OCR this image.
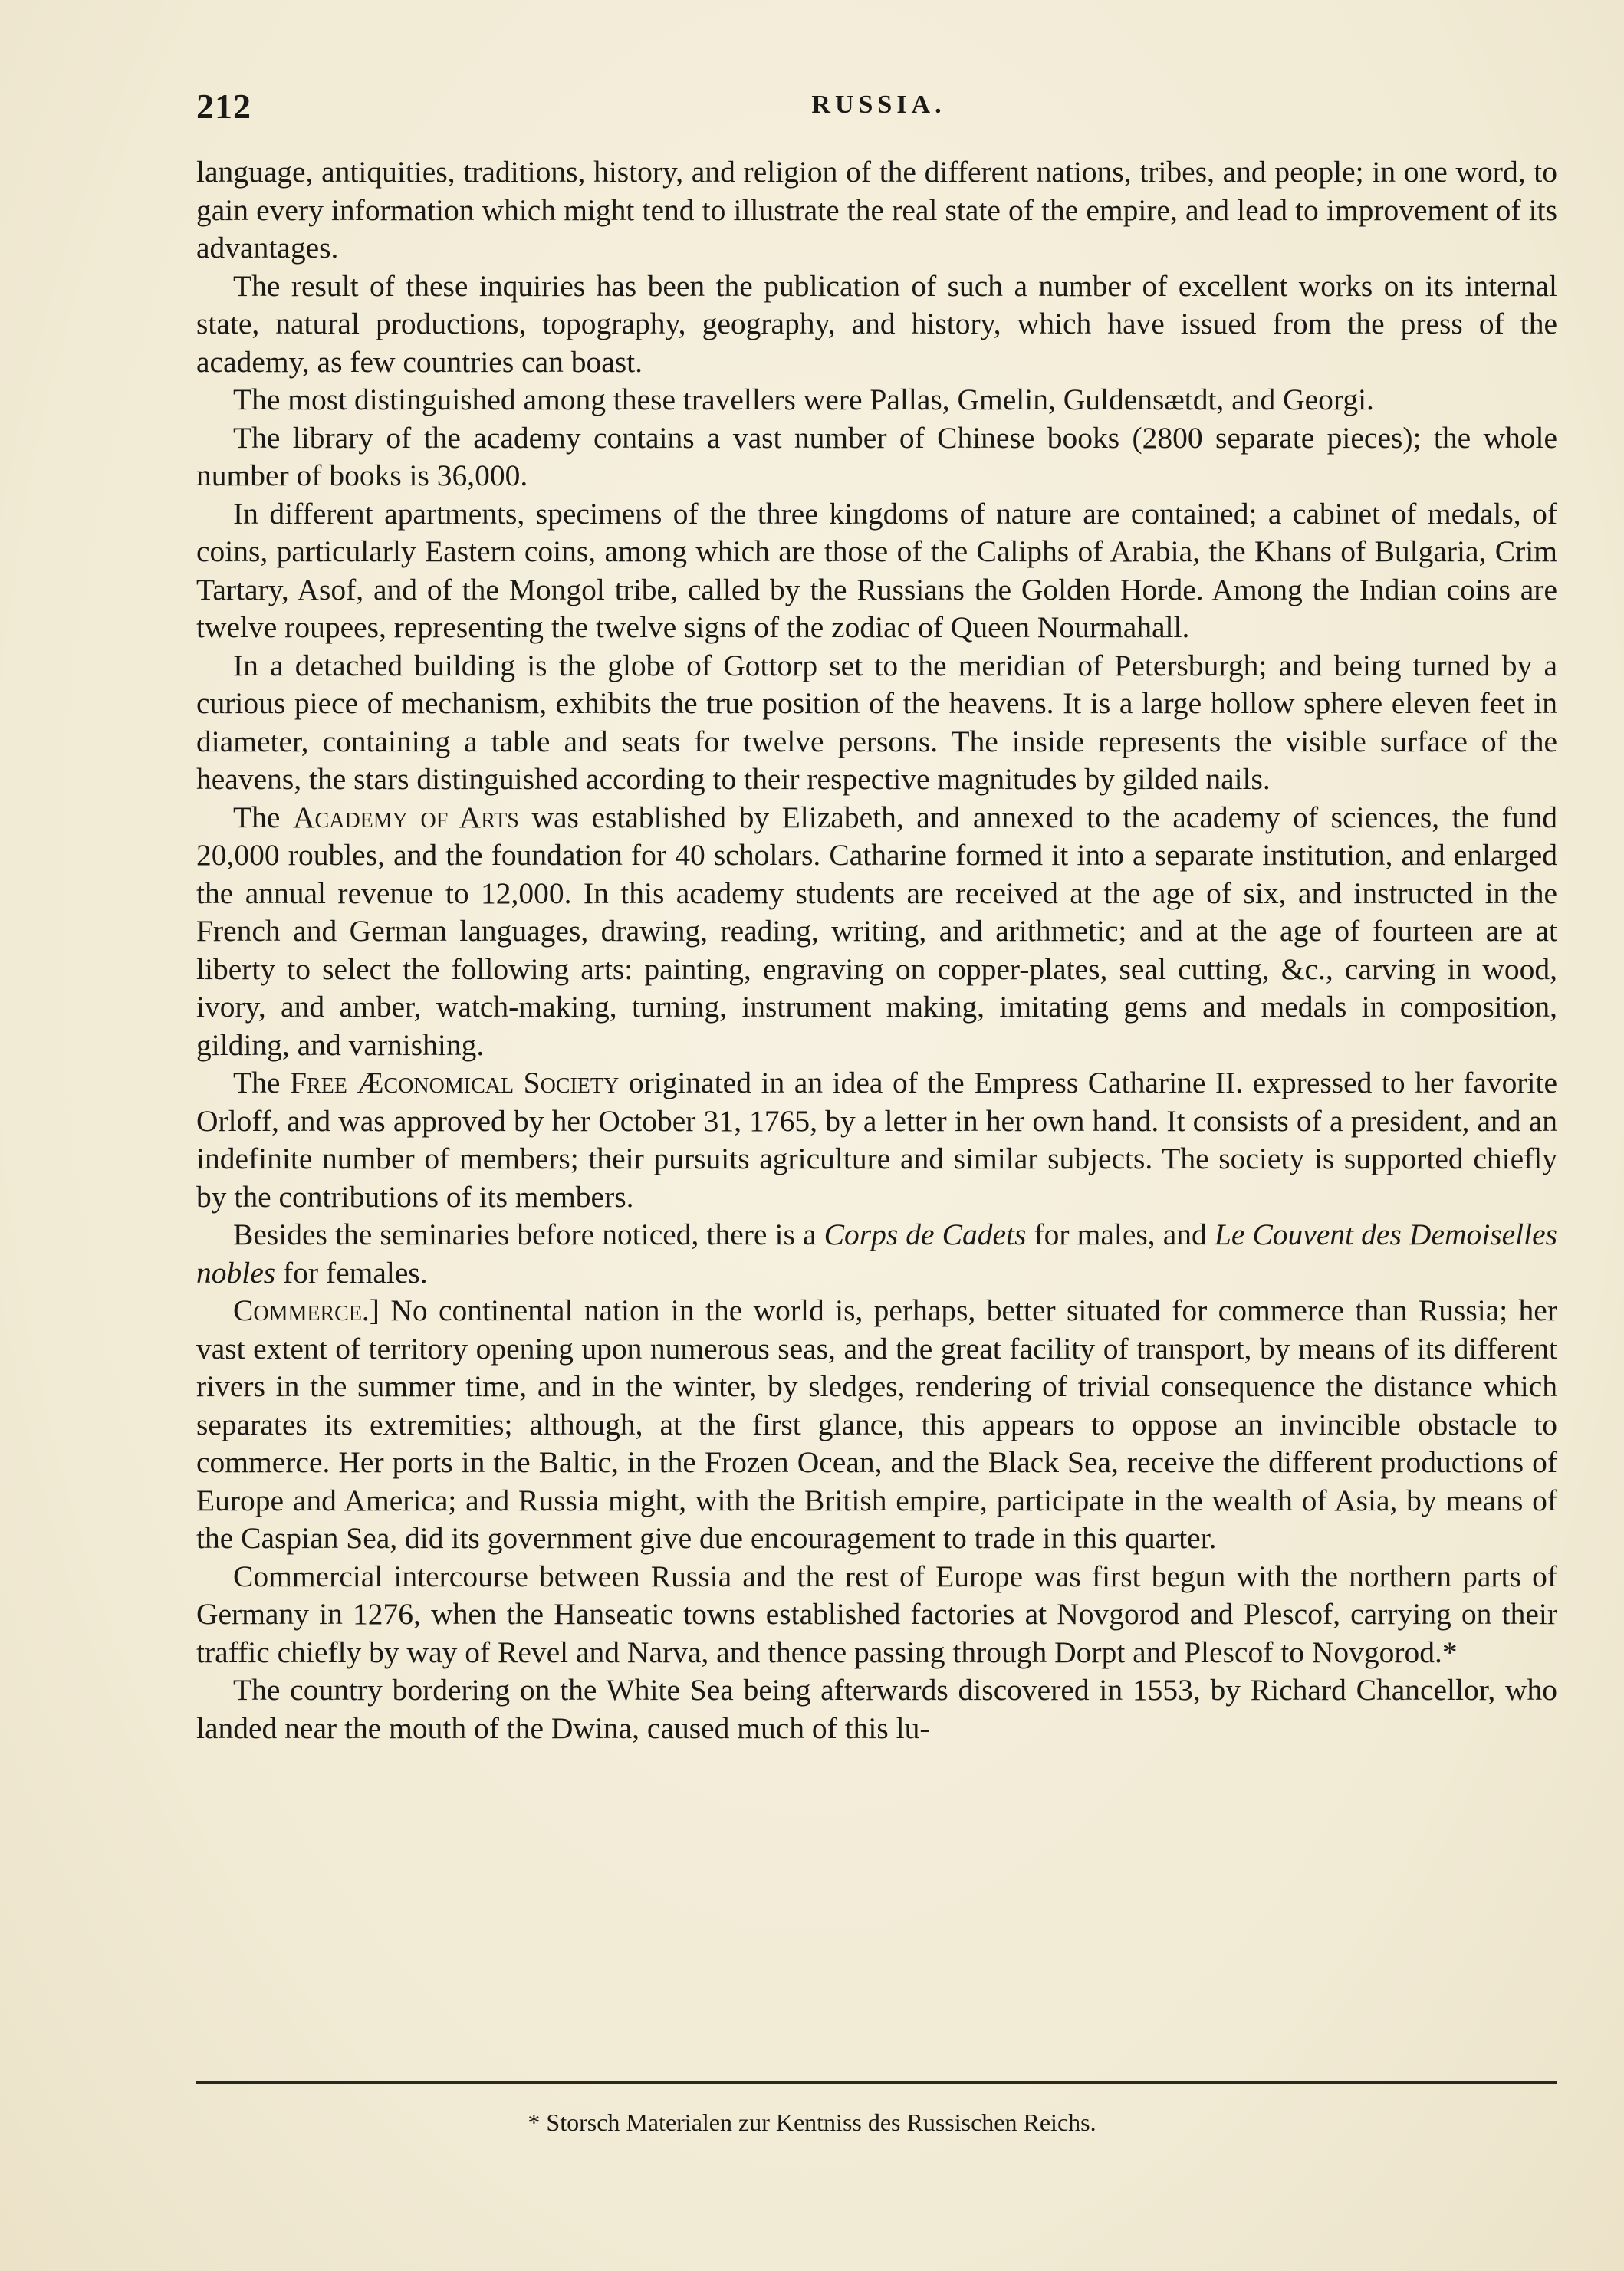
212	RUSSIA.

language, antiquities, traditions, history, and religion of the different nations, tribes, and people; in one word, to gain every information which might tend to illustrate the real state of the empire, and lead to improvement of its advantages.

The result of these inquiries has been the publication of such a number of excellent works on its internal state, natural productions, topography, geography, and history, which have issued from the press of the academy, as few countries can boast.

The most distinguished among these travellers were Pallas, Gmelin, Guldensætdt, and Georgi.

The library of the academy contains a vast number of Chinese books (2800 separate pieces); the whole number of books is 36,000.

In different apartments, specimens of the three kingdoms of nature are contained; a cabinet of medals, of coins, particularly Eastern coins, among which are those of the Caliphs of Arabia, the Khans of Bulgaria, Crim Tartary, Asof, and of the Mongol tribe, called by the Russians the Golden Horde. Among the Indian coins are twelve roupees, representing the twelve signs of the zodiac of Queen Nourmahall.

In a detached building is the globe of Gottorp set to the meridian of Petersburgh; and being turned by a curious piece of mechanism, exhibits the true position of the heavens. It is a large hollow sphere eleven feet in diameter, containing a table and seats for twelve persons. The inside represents the visible surface of the heavens, the stars distinguished according to their respective magnitudes by gilded nails.

The Academy of Arts was established by Elizabeth, and annexed to the academy of sciences, the fund 20,000 roubles, and the foundation for 40 scholars. Catharine formed it into a separate institution, and enlarged the annual revenue to 12,000. In this academy students are received at the age of six, and instructed in the French and German languages, drawing, reading, writing, and arithmetic; and at the age of fourteen are at liberty to select the following arts: painting, engraving on copper-plates, seal cutting, &c., carving in wood, ivory, and amber, watch-making, turning, instrument making, imitating gems and medals in composition, gilding, and varnishing.

The Free Æconomical Society originated in an idea of the Empress Catharine II. expressed to her favorite Orloff, and was approved by her October 31, 1765, by a letter in her own hand. It consists of a president, and an indefinite number of members; their pursuits agriculture and similar subjects. The society is supported chiefly by the contributions of its members.

Besides the seminaries before noticed, there is a Corps de Cadets for males, and Le Couvent des Demoiselles nobles for females.

Commerce.] No continental nation in the world is, perhaps, better situated for commerce than Russia; her vast extent of territory opening upon numerous seas, and the great facility of transport, by means of its different rivers in the summer time, and in the winter, by sledges, rendering of trivial consequence the distance which separates its extremities; although, at the first glance, this appears to oppose an invincible obstacle to commerce. Her ports in the Baltic, in the Frozen Ocean, and the Black Sea, receive the different productions of Europe and America; and Russia might, with the British empire, participate in the wealth of Asia, by means of the Caspian Sea, did its government give due encouragement to trade in this quarter.

Commercial intercourse between Russia and the rest of Europe was first begun with the northern parts of Germany in 1276, when the Hanseatic towns established factories at Novgorod and Plescof, carrying on their traffic chiefly by way of Revel and Narva, and thence passing through Dorpt and Plescof to Novgorod.*

The country bordering on the White Sea being afterwards discovered in 1553, by Richard Chancellor, who landed near the mouth of the Dwina, caused much of this lu-

* Storsch Materialen zur Kentniss des Russischen Reichs.
